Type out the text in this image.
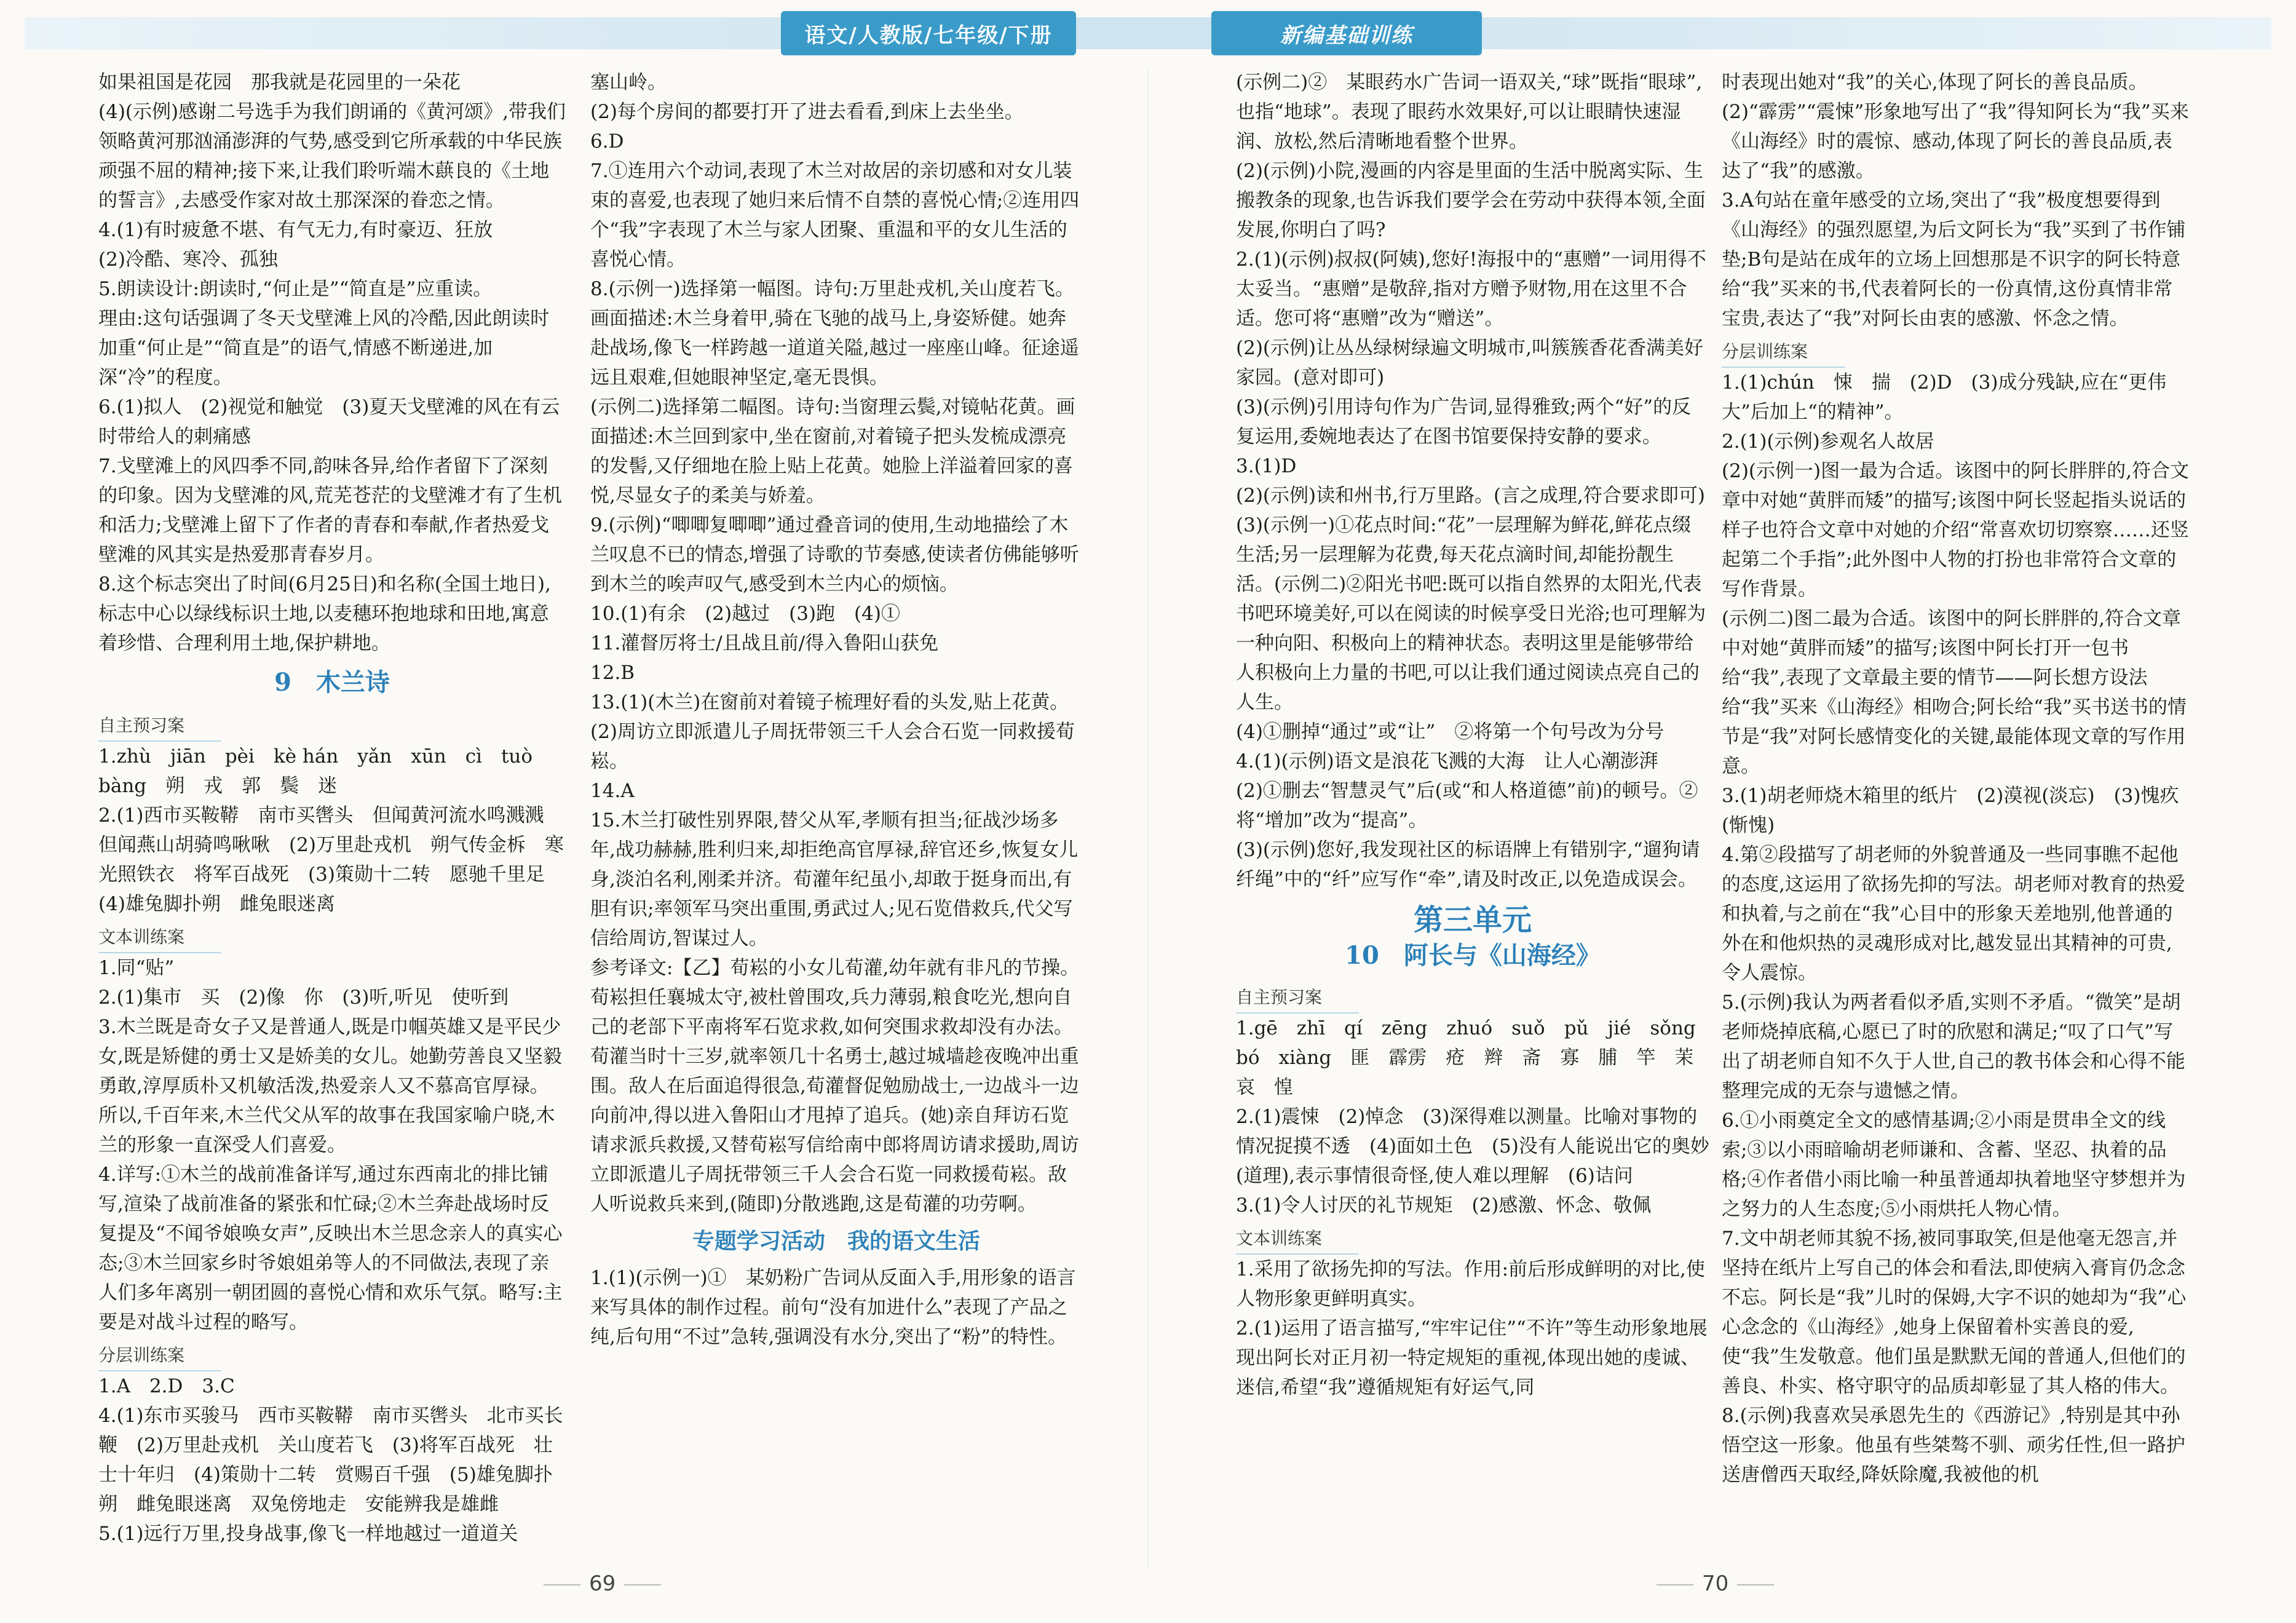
语文/人教版/七年级/下册	新编基础训练

如果祖国是花园　那我就是花园里的一朵花

(4)(示例)感谢二号选手为我们朗诵的《黄河颂》,带我们领略黄河那汹涌澎湃的气势,感受到它所承载的中华民族顽强不屈的精神;接下来,让我们聆听端木蕻良的《土地的誓言》,去感受作家对故土那深深的眷恋之情。

4.(1)有时疲惫不堪、有气无力,有时豪迈、狂放

(2)冷酷、寒冷、孤独

5.朗读设计:朗读时,“何止是”“简直是”应重读。

理由:这句话强调了冬天戈壁滩上风的冷酷,因此朗读时加重“何止是”“简直是”的语气,情感不断递进,加深“冷”的程度。

6.(1)拟人　(2)视觉和触觉　(3)夏天戈壁滩的风在有云时带给人的刺痛感

7.戈壁滩上的风四季不同,韵味各异,给作者留下了深刻的印象。因为戈壁滩的风,荒芜苍茫的戈壁滩才有了生机和活力;戈壁滩上留下了作者的青春和奉献,作者热爱戈壁滩的风其实是热爱那青春岁月。

8.这个标志突出了时间(6月25日)和名称(全国土地日),标志中心以绿线标识土地,以麦穗环抱地球和田地,寓意着珍惜、合理利用土地,保护耕地。

9　木兰诗

自主预习案

1.zhù　jiān　pèi　kè hán　yǎn　xūn　cì　tuò

bàng　朔　戎　郭　鬓　迷

2.(1)西市买鞍鞯　南市买辔头　但闻黄河流水鸣溅溅　但闻燕山胡骑鸣啾啾　(2)万里赴戎机　朔气传金柝　寒光照铁衣　将军百战死　(3)策勋十二转　愿驰千里足　(4)雄兔脚扑朔　雌兔眼迷离

文本训练案

1.同“贴”

2.(1)集市　买　(2)像　你　(3)听,听见　使听到

3.木兰既是奇女子又是普通人,既是巾帼英雄又是平民少女,既是矫健的勇士又是娇美的女儿。她勤劳善良又坚毅勇敢,淳厚质朴又机敏活泼,热爱亲人又不慕高官厚禄。所以,千百年来,木兰代父从军的故事在我国家喻户晓,木兰的形象一直深受人们喜爱。

4.详写:①木兰的战前准备详写,通过东西南北的排比铺写,渲染了战前准备的紧张和忙碌;②木兰奔赴战场时反复提及“不闻爷娘唤女声”,反映出木兰思念亲人的真实心态;③木兰回家乡时爷娘姐弟等人的不同做法,表现了亲人们多年离别一朝团圆的喜悦心情和欢乐气氛。略写:主要是对战斗过程的略写。

分层训练案

1.A　2.D　3.C

4.(1)东市买骏马　西市买鞍鞯　南市买辔头　北市买长鞭　(2)万里赴戎机　关山度若飞　(3)将军百战死　壮士十年归　(4)策勋十二转　赏赐百千强　(5)雄兔脚扑朔　雌兔眼迷离　双兔傍地走　安能辨我是雄雌

5.(1)远行万里,投身战事,像飞一样地越过一道道关

塞山岭。

(2)每个房间的都要打开了进去看看,到床上去坐坐。

6.D

7.①连用六个动词,表现了木兰对故居的亲切感和对女儿装束的喜爱,也表现了她归来后情不自禁的喜悦心情;②连用四个“我”字表现了木兰与家人团聚、重温和平的女儿生活的喜悦心情。

8.(示例一)选择第一幅图。诗句:万里赴戎机,关山度若飞。画面描述:木兰身着甲,骑在飞驰的战马上,身姿矫健。她奔赴战场,像飞一样跨越一道道关隘,越过一座座山峰。征途遥远且艰难,但她眼神坚定,毫无畏惧。

(示例二)选择第二幅图。诗句:当窗理云鬓,对镜帖花黄。画面描述:木兰回到家中,坐在窗前,对着镜子把头发梳成漂亮的发髻,又仔细地在脸上贴上花黄。她脸上洋溢着回家的喜悦,尽显女子的柔美与娇羞。

9.(示例)“唧唧复唧唧”通过叠音词的使用,生动地描绘了木兰叹息不已的情态,增强了诗歌的节奏感,使读者仿佛能够听到木兰的唉声叹气,感受到木兰内心的烦恼。

10.(1)有余　(2)越过　(3)跑　(4)①

11.灌督厉将士/且战且前/得入鲁阳山获免

12.B

13.(1)(木兰)在窗前对着镜子梳理好看的头发,贴上花黄。

(2)周访立即派遣儿子周抚带领三千人会合石览一同救援荀崧。

14.A

15.木兰打破性别界限,替父从军,孝顺有担当;征战沙场多年,战功赫赫,胜利归来,却拒绝高官厚禄,辞官还乡,恢复女儿身,淡泊名利,刚柔并济。荀灌年纪虽小,却敢于挺身而出,有胆有识;率领军马突出重围,勇武过人;见石览借救兵,代父写信给周访,智谋过人。

参考译文:【乙】荀崧的小女儿荀灌,幼年就有非凡的节操。荀崧担任襄城太守,被杜曾围攻,兵力薄弱,粮食吃光,想向自己的老部下平南将军石览求救,如何突围求救却没有办法。荀灌当时十三岁,就率领几十名勇士,越过城墙趁夜晚冲出重围。敌人在后面追得很急,荀灌督促勉励战士,一边战斗一边向前冲,得以进入鲁阳山才甩掉了追兵。(她)亲自拜访石览请求派兵救援,又替荀崧写信给南中郎将周访请求援助,周访立即派遣儿子周抚带领三千人会合石览一同救援荀崧。敌人听说救兵来到,(随即)分散逃跑,这是荀灌的功劳啊。

专题学习活动　我的语文生活

1.(1)(示例一)①　某奶粉广告词从反面入手,用形象的语言来写具体的制作过程。前句“没有加进什么”表现了产品之纯,后句用“不过”急转,强调没有水分,突出了“粉”的特性。

(示例二)②　某眼药水广告词一语双关,“球”既指“眼球”,也指“地球”。表现了眼药水效果好,可以让眼睛快速湿润、放松,然后清晰地看整个世界。

(2)(示例)小院,漫画的内容是里面的生活中脱离实际、生搬教条的现象,也告诉我们要学会在劳动中获得本领,全面发展,你明白了吗?

2.(1)(示例)叔叔(阿姨),您好!海报中的“惠赠”一词用得不太妥当。“惠赠”是敬辞,指对方赠予财物,用在这里不合适。您可将“惠赠”改为“赠送”。

(2)(示例)让丛丛绿树绿遍文明城市,叫簇簇香花香满美好家园。(意对即可)

(3)(示例)引用诗句作为广告词,显得雅致;两个“好”的反复运用,委婉地表达了在图书馆要保持安静的要求。

3.(1)D

(2)(示例)读和州书,行万里路。(言之成理,符合要求即可)

(3)(示例一)①花点时间:“花”一层理解为鲜花,鲜花点缀生活;另一层理解为花费,每天花点滴时间,却能扮靓生活。(示例二)②阳光书吧:既可以指自然界的太阳光,代表书吧环境美好,可以在阅读的时候享受日光浴;也可理解为一种向阳、积极向上的精神状态。表明这里是能够带给人积极向上力量的书吧,可以让我们通过阅读点亮自己的人生。

(4)①删掉“通过”或“让”　②将第一个句号改为分号

4.(1)(示例)语文是浪花飞溅的大海　让人心潮澎湃

(2)①删去“智慧灵气”后(或“和人格道德”前)的顿号。②将“增加”改为“提高”。

(3)(示例)您好,我发现社区的标语牌上有错别字,“遛狗请纤绳”中的“纤”应写作“牵”,请及时改正,以免造成误会。

第三单元

10　阿长与《山海经》

自主预习案

1.gē　zhī　qí　zēng　zhuó　suǒ　pǔ　jié　sǒng

bó　xiàng　匪　霹雳　疮　辫　斋　寡　脯　竿　茉　哀　惶

2.(1)震悚　(2)悼念　(3)深得难以测量。比喻对事物的情况捉摸不透　(4)面如土色　(5)没有人能说出它的奥妙(道理),表示事情很奇怪,使人难以理解　(6)诘问

3.(1)令人讨厌的礼节规矩　(2)感激、怀念、敬佩

文本训练案

1.采用了欲扬先抑的写法。作用:前后形成鲜明的对比,使人物形象更鲜明真实。

2.(1)运用了语言描写,“牢牢记住”“不许”等生动形象地展现出阿长对正月初一特定规矩的重视,体现出她的虔诚、迷信,希望“我”遵循规矩有好运气,同

时表现出她对“我”的关心,体现了阿长的善良品质。

(2)“霹雳”“震悚”形象地写出了“我”得知阿长为“我”买来《山海经》时的震惊、感动,体现了阿长的善良品质,表达了“我”的感激。

3.A句站在童年感受的立场,突出了“我”极度想要得到《山海经》的强烈愿望,为后文阿长为“我”买到了书作铺垫;B句是站在成年的立场上回想那是不识字的阿长特意给“我”买来的书,代表着阿长的一份真情,这份真情非常宝贵,表达了“我”对阿长由衷的感激、怀念之情。

分层训练案

1.(1)chún　悚　揣　(2)D　(3)成分残缺,应在“更伟大”后加上“的精神”。

2.(1)(示例)参观名人故居

(2)(示例一)图一最为合适。该图中的阿长胖胖的,符合文章中对她“黄胖而矮”的描写;该图中阿长竖起指头说话的样子也符合文章中对她的介绍“常喜欢切切察察……还竖起第二个手指”;此外图中人物的打扮也非常符合文章的写作背景。

(示例二)图二最为合适。该图中的阿长胖胖的,符合文章中对她“黄胖而矮”的描写;该图中阿长打开一包书给“我”,表现了文章最主要的情节——阿长想方设法给“我”买来《山海经》相吻合;阿长给“我”买书送书的情节是“我”对阿长感情变化的关键,最能体现文章的写作用意。

3.(1)胡老师烧木箱里的纸片　(2)漠视(淡忘)　(3)愧疚(惭愧)

4.第②段描写了胡老师的外貌普通及一些同事瞧不起他的态度,这运用了欲扬先抑的写法。胡老师对教育的热爱和执着,与之前在“我”心目中的形象天差地别,他普通的外在和他炽热的灵魂形成对比,越发显出其精神的可贵,令人震惊。

5.(示例)我认为两者看似矛盾,实则不矛盾。“微笑”是胡老师烧掉底稿,心愿已了时的欣慰和满足;“叹了口气”写出了胡老师自知不久于人世,自己的教书体会和心得不能整理完成的无奈与遗憾之情。

6.①小雨奠定全文的感情基调;②小雨是贯串全文的线索;③以小雨暗喻胡老师谦和、含蓄、坚忍、执着的品格;④作者借小雨比喻一种虽普通却执着地坚守梦想并为之努力的人生态度;⑤小雨烘托人物心情。

7.文中胡老师其貌不扬,被同事取笑,但是他毫无怨言,并坚持在纸片上写自己的体会和看法,即使病入膏肓仍念念不忘。阿长是“我”儿时的保姆,大字不识的她却为“我”心心念念的《山海经》,她身上保留着朴实善良的爱,使“我”生发敬意。他们虽是默默无闻的普通人,但他们的善良、朴实、格守职守的品质却彰显了其人格的伟大。

8.(示例)我喜欢吴承恩先生的《西游记》,特别是其中孙悟空这一形象。他虽有些桀骜不驯、顽劣任性,但一路护送唐僧西天取经,降妖除魔,我被他的机

69	70
